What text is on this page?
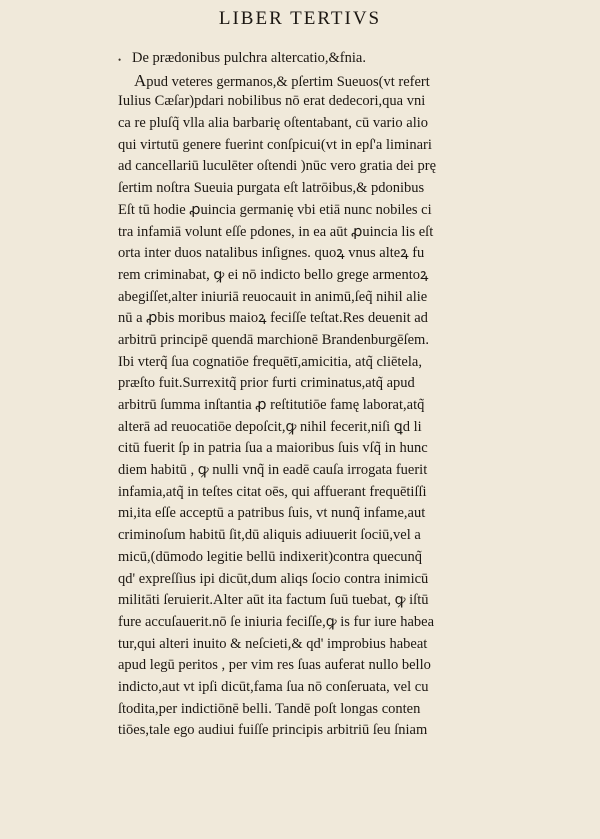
LIBER TERTIVS
• De prædonibus pulchra altercatio,&fnia.
Apud veteres germanos,& pſertim Sueuos(vt refert
Iulius Cæſar)pdari nobilibus nō erat dedecori,qua vni
ca re pluſq̃ vlla alia barbarię oſtentabant, cū vario alio
qui virtutū genere fuerint conſpicui(vt in epſ'a liminari
ad cancellariū luculēter oſtendi )nūc vero gratia dei prę
ſertim noſtra Sueuia purgata eſt latrōibus,& pdonibus
Eſt tū hodie ꝓuincia germanię vbi etiā nunc nobiles ci
tra infamiā volunt eſſe pdones, in ea aūt ꝓuincia lis eſt
orta inter duos natalibus inſignes. quoꝝ vnus alteꝝ fu
rem criminabat, ꝙ ei nō indicto bello grege armentoꝝ
abegiſſet,alter iniuriā reuocauit in animū,ſeq̃ nihil alie
nū a ꝓbis moribus maioꝝ feciſſe teſtat.Res deuenit ad
arbitrū principē quendā marchionē Brandenburgēſem.
Ibi vterq̃ ſua cognatiōe frequētī,amicitia, atq̃ cliētela,
præſto fuit.Surrexitq̃ prior furti criminatus,atq̃ apud
arbitrū ſumma inſtantia ꝓ reſtitutiōe famę laborat,atq̃
alterā ad reuocatiōe depoſcit,ꝙ nihil fecerit,niſi ꝗd li
citū fuerit ſp in patria ſua a maioribus ſuis vſq̃ in hunc
diem habitū , ꝙ nulli vnq̃ in eadē cauſa irrogata fuerit
infamia,atq̃ in teſtes citat oēs, qui affuerant frequētiſſi
mi,ita eſſe acceptū a patribus ſuis, vt nunq̃ infame,aut
criminoſum habitū ſit,dū aliquis adiuuerit ſociū,vel a
micū,(dūmodo legitie bellū indixerit)contra quecunq̃
qd' expreſſius ipi dicūt,dum aliqs ſocio contra inimicū
militāti ſeruierit.Alter aūt ita factum ſuū tuebat, ꝙ iſtū
fure accuſauerit.nō ſe iniuria feciſſe,ꝙ is fur iure habea
tur,qui alteri inuito & neſcieti,& qd' improbius habeat
apud legū peritos , per vim res ſuas auferat nullo bello
indicto,aut vt ipſi dicūt,fama ſua nō conſeruata, vel cu
ſtodita,per indictiōnē belli. Tandē poſt longas conten
tiōes,tale ego audiui fuiſſe principis arbitriū ſeu ſniam
